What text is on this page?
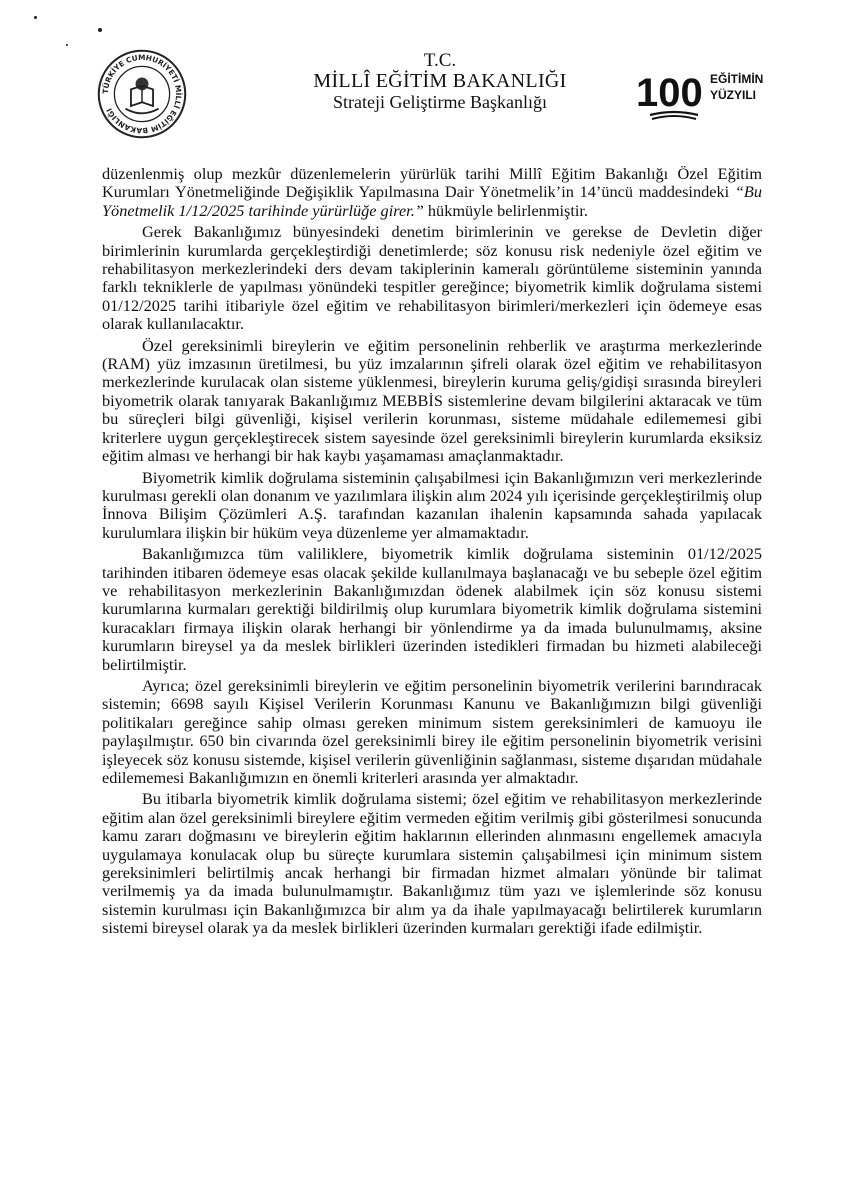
TÜRKİYE CUMHURİYETİ MİLLÎ EĞİTİM BAKANLIĞI
T.C.
MİLLÎ EĞİTİM BAKANLIĞI
Strateji Geliştirme Başkanlığı	100 EĞİTİMİN
YÜZYILI

düzenlenmiş olup mezkûr düzenlemelerin yürürlük tarihi Millî Eğitim Bakanlığı Özel Eğitim Kurumları Yönetmeliğinde Değişiklik Yapılmasına Dair Yönetmelik’in 14’üncü maddesindeki “Bu Yönetmelik 1/12/2025 tarihinde yürürlüğe girer.” hükmüyle belirlenmiştir.

Gerek Bakanlığımız bünyesindeki denetim birimlerinin ve gerekse de Devletin diğer birimlerinin kurumlarda gerçekleştirdiği denetimlerde; söz konusu risk nedeniyle özel eğitim ve rehabilitasyon merkezlerindeki ders devam takiplerinin kameralı görüntüleme sisteminin yanında farklı tekniklerle de yapılması yönündeki tespitler gereğince; biyometrik kimlik doğrulama sistemi 01/12/2025 tarihi itibariyle özel eğitim ve rehabilitasyon birimleri/merkezleri için ödemeye esas olarak kullanılacaktır.

Özel gereksinimli bireylerin ve eğitim personelinin rehberlik ve araştırma merkezlerinde (RAM) yüz imzasının üretilmesi, bu yüz imzalarının şifreli olarak özel eğitim ve rehabilitasyon merkezlerinde kurulacak olan sisteme yüklenmesi, bireylerin kuruma geliş/gidişi sırasında bireyleri biyometrik olarak tanıyarak Bakanlığımız MEBBİS sistemlerine devam bilgilerini aktaracak ve tüm bu süreçleri bilgi güvenliği, kişisel verilerin korunması, sisteme müdahale edilememesi gibi kriterlere uygun gerçekleştirecek sistem sayesinde özel gereksinimli bireylerin kurumlarda eksiksiz eğitim alması ve herhangi bir hak kaybı yaşamaması amaçlanmaktadır.

Biyometrik kimlik doğrulama sisteminin çalışabilmesi için Bakanlığımızın veri merkezlerinde kurulması gerekli olan donanım ve yazılımlara ilişkin alım 2024 yılı içerisinde gerçekleştirilmiş olup İnnova Bilişim Çözümleri A.Ş. tarafından kazanılan ihalenin kapsamında sahada yapılacak kurulumlara ilişkin bir hüküm veya düzenleme yer almamaktadır.

Bakanlığımızca tüm valiliklere, biyometrik kimlik doğrulama sisteminin 01/12/2025 tarihinden itibaren ödemeye esas olacak şekilde kullanılmaya başlanacağı ve bu sebeple özel eğitim ve rehabilitasyon merkezlerinin Bakanlığımızdan ödenek alabilmek için söz konusu sistemi kurumlarına kurmaları gerektiği bildirilmiş olup kurumlara biyometrik kimlik doğrulama sistemini kuracakları firmaya ilişkin olarak herhangi bir yönlendirme ya da imada bulunulmamış, aksine kurumların bireysel ya da meslek birlikleri üzerinden istedikleri firmadan bu hizmeti alabileceği belirtilmiştir.

Ayrıca; özel gereksinimli bireylerin ve eğitim personelinin biyometrik verilerini barındıracak sistemin; 6698 sayılı Kişisel Verilerin Korunması Kanunu ve Bakanlığımızın bilgi güvenliği politikaları gereğince sahip olması gereken minimum sistem gereksinimleri de kamuoyu ile paylaşılmıştır. 650 bin civarında özel gereksinimli birey ile eğitim personelinin biyometrik verisini işleyecek söz konusu sistemde, kişisel verilerin güvenliğinin sağlanması, sisteme dışarıdan müdahale edilememesi Bakanlığımızın en önemli kriterleri arasında yer almaktadır.

Bu itibarla biyometrik kimlik doğrulama sistemi; özel eğitim ve rehabilitasyon merkezlerinde eğitim alan özel gereksinimli bireylere eğitim vermeden eğitim verilmiş gibi gösterilmesi sonucunda kamu zararı doğmasını ve bireylerin eğitim haklarının ellerinden alınmasını engellemek amacıyla uygulamaya konulacak olup bu süreçte kurumlara sistemin çalışabilmesi için minimum sistem gereksinimleri belirtilmiş ancak herhangi bir firmadan hizmet almaları yönünde bir talimat verilmemiş ya da imada bulunulmamıştır. Bakanlığımız tüm yazı ve işlemlerinde söz konusu sistemin kurulması için Bakanlığımızca bir alım ya da ihale yapılmayacağı belirtilerek kurumların sistemi bireysel olarak ya da meslek birlikleri üzerinden kurmaları gerektiği ifade edilmiştir.
